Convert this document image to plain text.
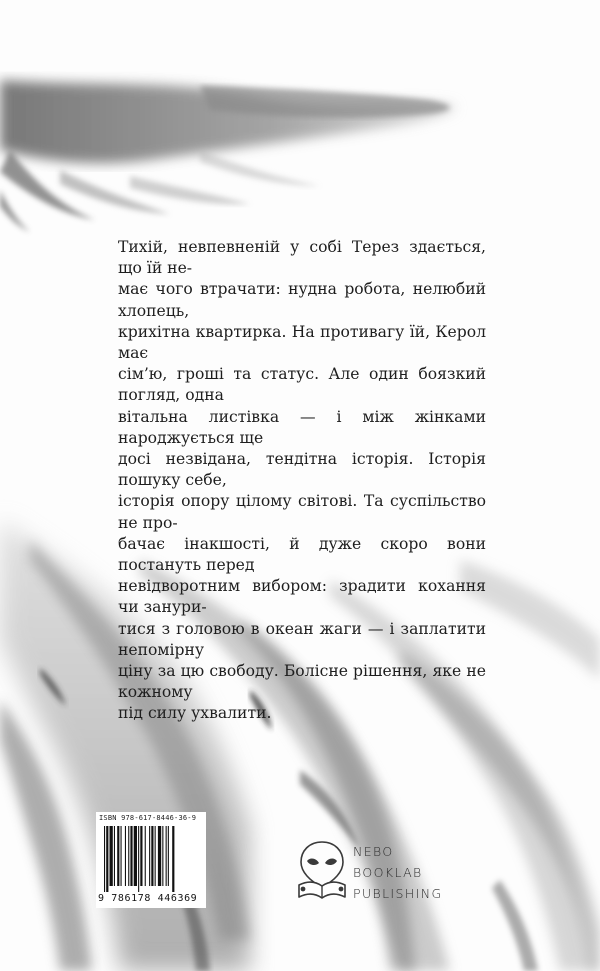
Тихій, невпевненій у собі Терез здається, що їй не-
має чого втрачати: нудна робота, нелюбий хлопець,
крихітна квартирка. На противагу їй, Керол має
сім’ю, гроші та статус. Але один боязкий погляд, одна
вітальна листівка — і між жінками народжується ще
досі незвідана, тендітна історія. Історія пошуку себе,
історія опору цілому світові. Та суспільство не про-
бачає інакшості, й дуже скоро вони постануть перед
невідворотним вибором: зрадити кохання чи занури-
тися з головою в океан жаги — і заплатити непомірну
ціну за цю свободу. Болісне рішення, яке не кожному
під силу ухвалити.
ISBN 978-617-8446-36-9
9 786178 446369
NEBO
BOOKLAB
PUBLISHING
